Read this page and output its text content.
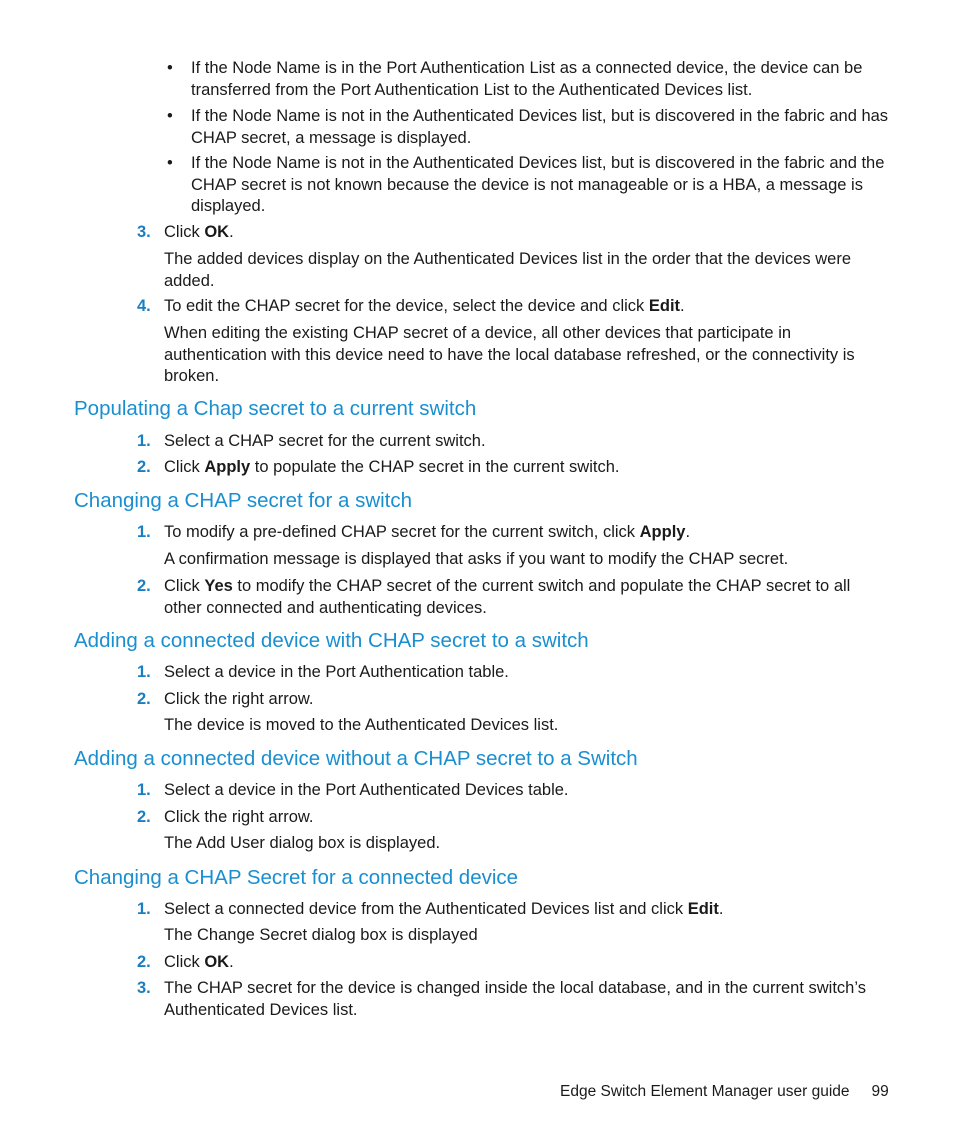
• If the Node Name is in the Port Authentication List as a connected device, the device can be transferred from the Port Authentication List to the Authenticated Devices list.
• If the Node Name is not in the Authenticated Devices list, but is discovered in the fabric and has CHAP secret, a message is displayed.
• If the Node Name is not in the Authenticated Devices list, but is discovered in the fabric and the CHAP secret is not known because the device is not manageable or is a HBA, a message is displayed.
3. Click OK.
The added devices display on the Authenticated Devices list in the order that the devices were added.
4. To edit the CHAP secret for the device, select the device and click Edit.
When editing the existing CHAP secret of a device, all other devices that participate in authentication with this device need to have the local database refreshed, or the connectivity is broken.
Populating a Chap secret to a current switch
1. Select a CHAP secret for the current switch.
2. Click Apply to populate the CHAP secret in the current switch.
Changing a CHAP secret for a switch
1. To modify a pre-defined CHAP secret for the current switch, click Apply.
A confirmation message is displayed that asks if you want to modify the CHAP secret.
2. Click Yes to modify the CHAP secret of the current switch and populate the CHAP secret to all other connected and authenticating devices.
Adding a connected device with CHAP secret to a switch
1. Select a device in the Port Authentication table.
2. Click the right arrow.
The device is moved to the Authenticated Devices list.
Adding a connected device without a CHAP secret to a Switch
1. Select a device in the Port Authenticated Devices table.
2. Click the right arrow.
The Add User dialog box is displayed.
Changing a CHAP Secret for a connected device
1. Select a connected device from the Authenticated Devices list and click Edit.
The Change Secret dialog box is displayed
2. Click OK.
3. The CHAP secret for the device is changed inside the local database, and in the current switch’s Authenticated Devices list.
Edge Switch Element Manager user guide 99
